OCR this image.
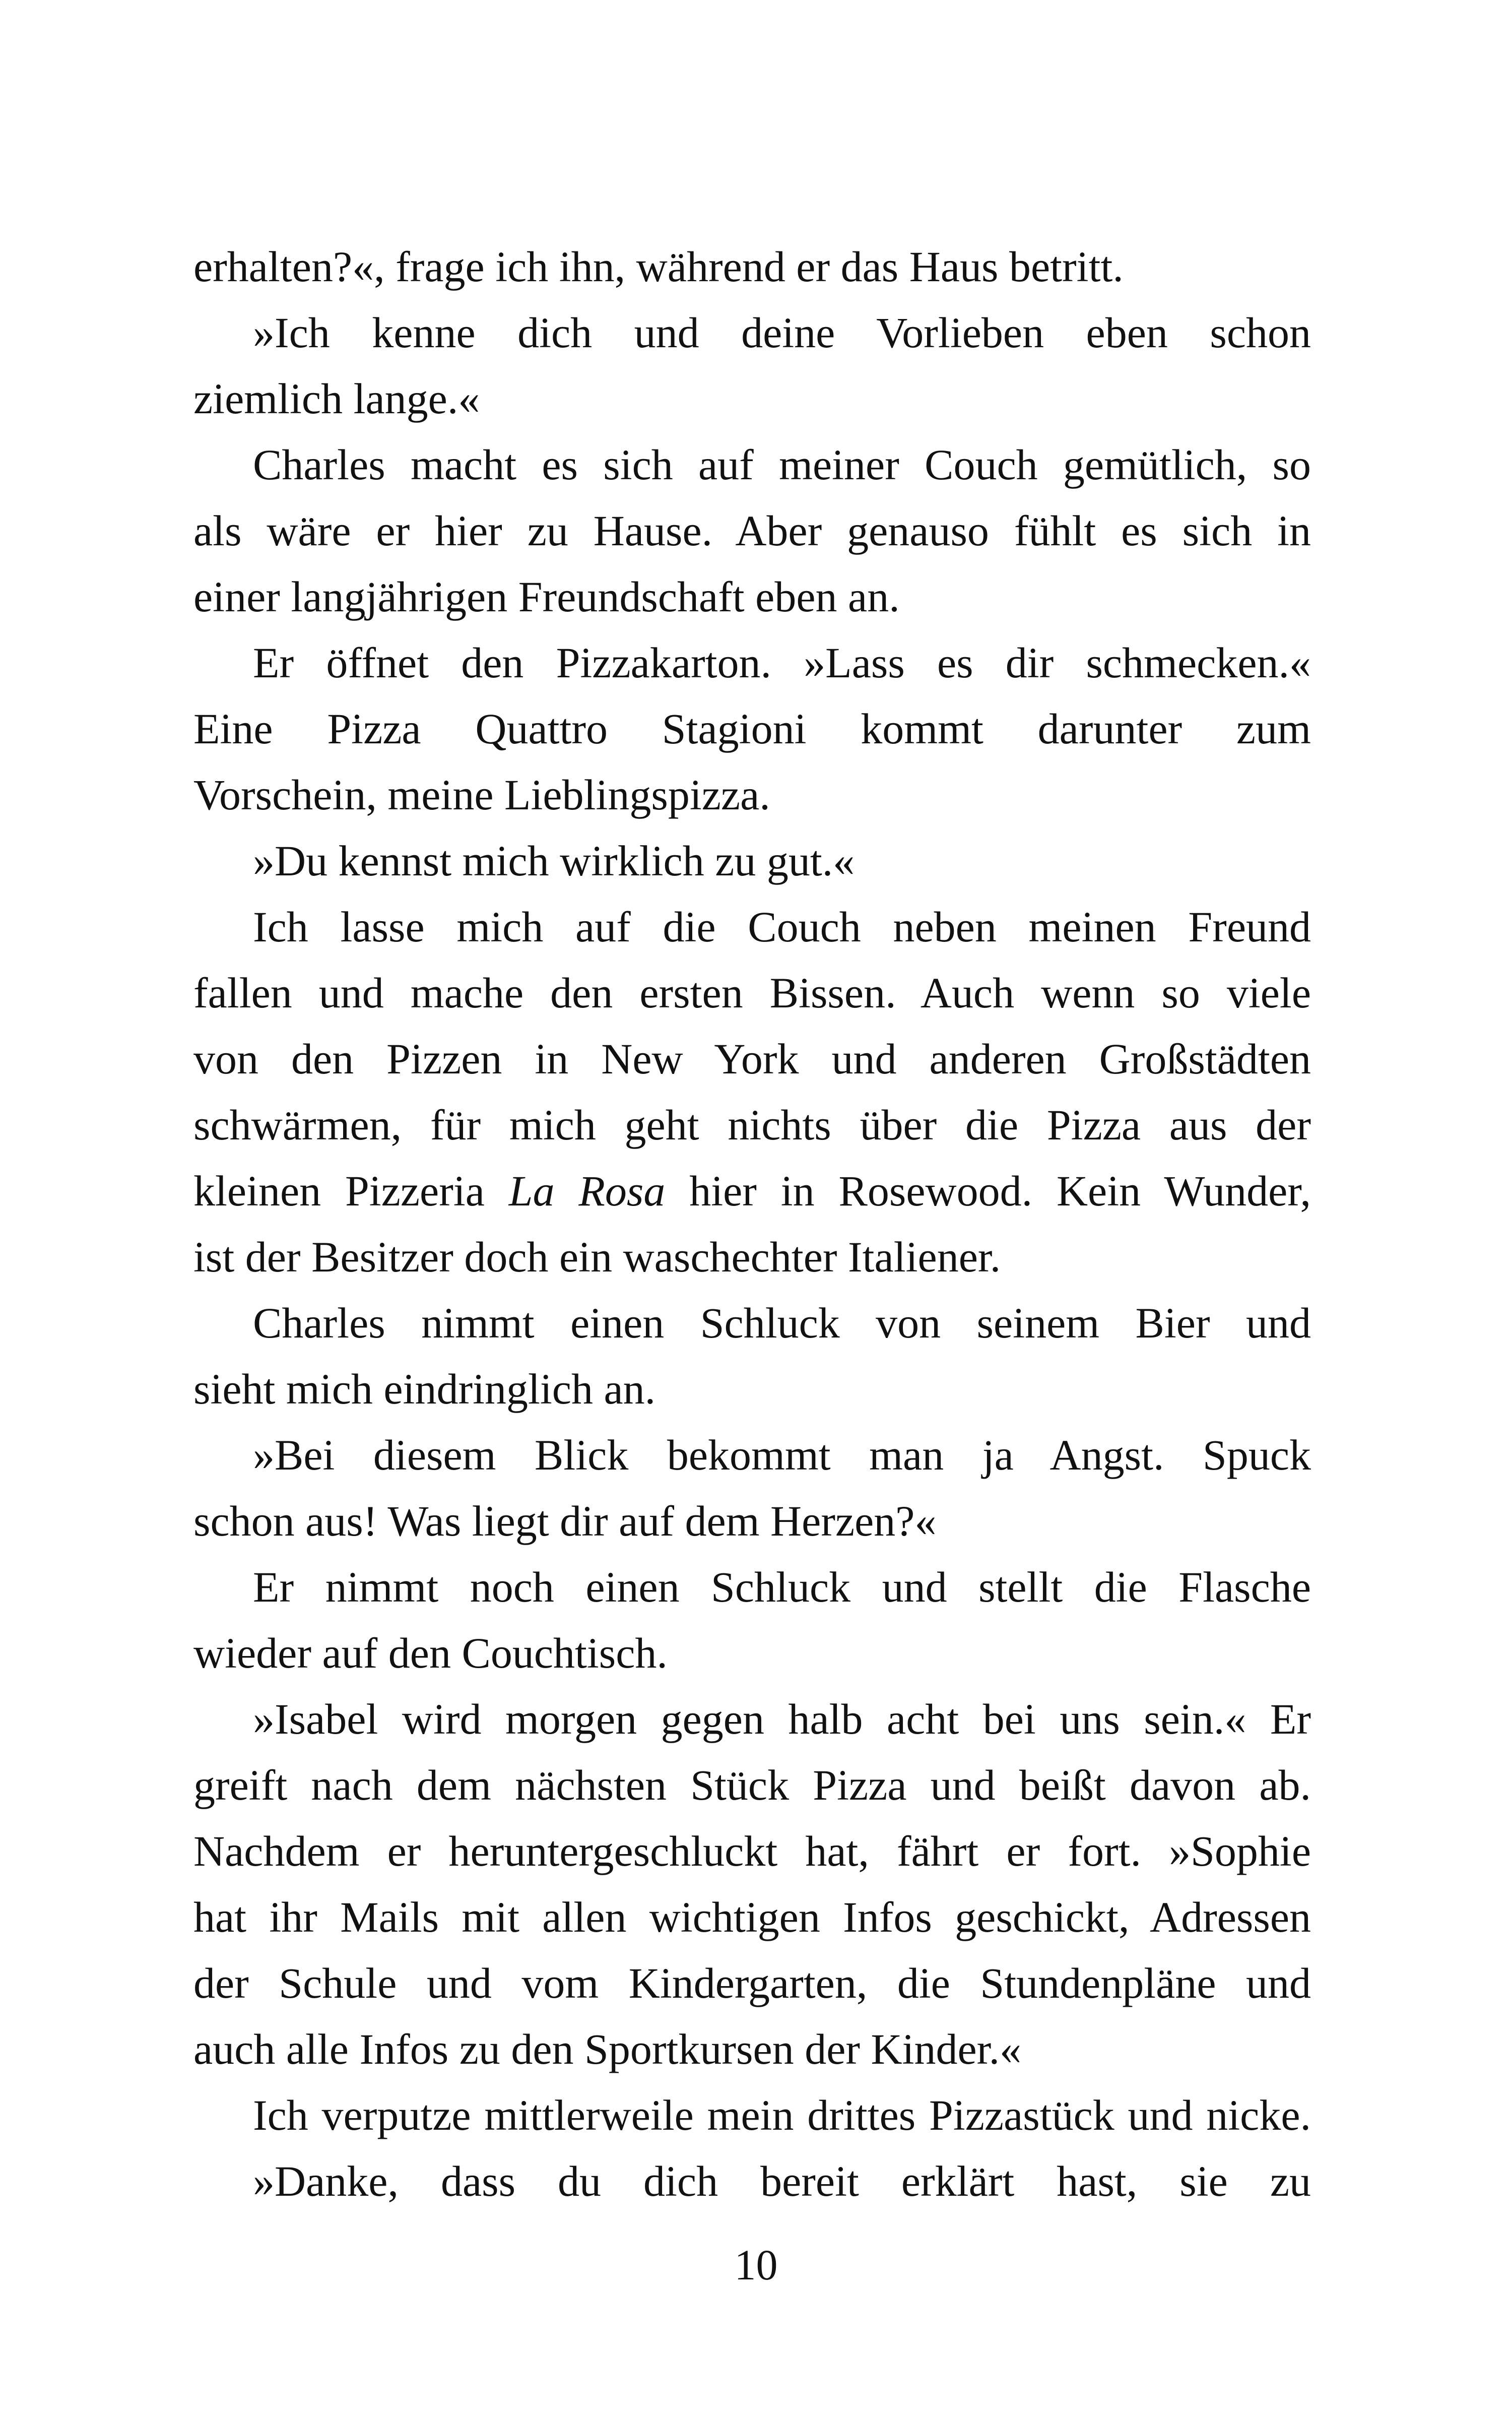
erhalten?«, frage ich ihn, während er das Haus betritt.
»Ich kenne dich und deine Vorlieben eben schon
ziemlich lange.«
Charles macht es sich auf meiner Couch gemütlich, so
als wäre er hier zu Hause. Aber genauso fühlt es sich in
einer langjährigen Freundschaft eben an.
Er öffnet den Pizzakarton. »Lass es dir schmecken.«
Eine Pizza Quattro Stagioni kommt darunter zum
Vorschein, meine Lieblingspizza.
»Du kennst mich wirklich zu gut.«
Ich lasse mich auf die Couch neben meinen Freund
fallen und mache den ersten Bissen. Auch wenn so viele
von den Pizzen in New York und anderen Großstädten
schwärmen, für mich geht nichts über die Pizza aus der
kleinen Pizzeria La Rosa hier in Rosewood. Kein Wunder,
ist der Besitzer doch ein waschechter Italiener.
Charles nimmt einen Schluck von seinem Bier und
sieht mich eindringlich an.
»Bei diesem Blick bekommt man ja Angst. Spuck
schon aus! Was liegt dir auf dem Herzen?«
Er nimmt noch einen Schluck und stellt die Flasche
wieder auf den Couchtisch.
»Isabel wird morgen gegen halb acht bei uns sein.« Er
greift nach dem nächsten Stück Pizza und beißt davon ab.
Nachdem er heruntergeschluckt hat, fährt er fort. »Sophie
hat ihr Mails mit allen wichtigen Infos geschickt, Adressen
der Schule und vom Kindergarten, die Stundenpläne und
auch alle Infos zu den Sportkursen der Kinder.«
Ich verputze mittlerweile mein drittes Pizzastück und nicke.
»Danke, dass du dich bereit erklärt hast, sie zu
10
